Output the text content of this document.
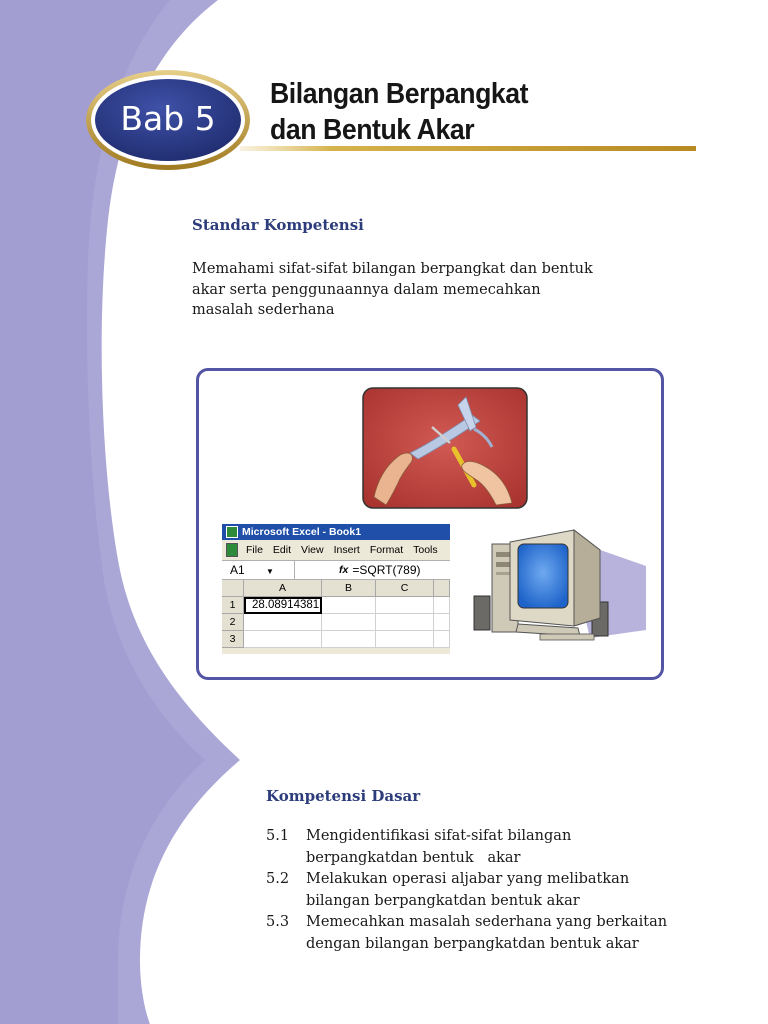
Bab 5
Bilangan Berpangkat
dan Bentuk Akar
Standar Kompetensi
Memahami sifat-sifat bilangan berpangkat dan bentuk
akar serta penggunaannya dalam memecahkan
masalah sederhana
Microsoft Excel - Book1
File Edit View Insert Format Tools
A1	▼	fx =SQRT(789)
A	B	C
1	28.08914381
2
3
Kompetensi Dasar
5.1	Mengidentifikasi sifat-sifat bilangan
berpangkatdan bentuk   akar
5.2	Melakukan operasi aljabar yang melibatkan
bilangan berpangkatdan bentuk akar
5.3	Memecahkan masalah sederhana yang berkaitan
dengan bilangan berpangkatdan bentuk akar
